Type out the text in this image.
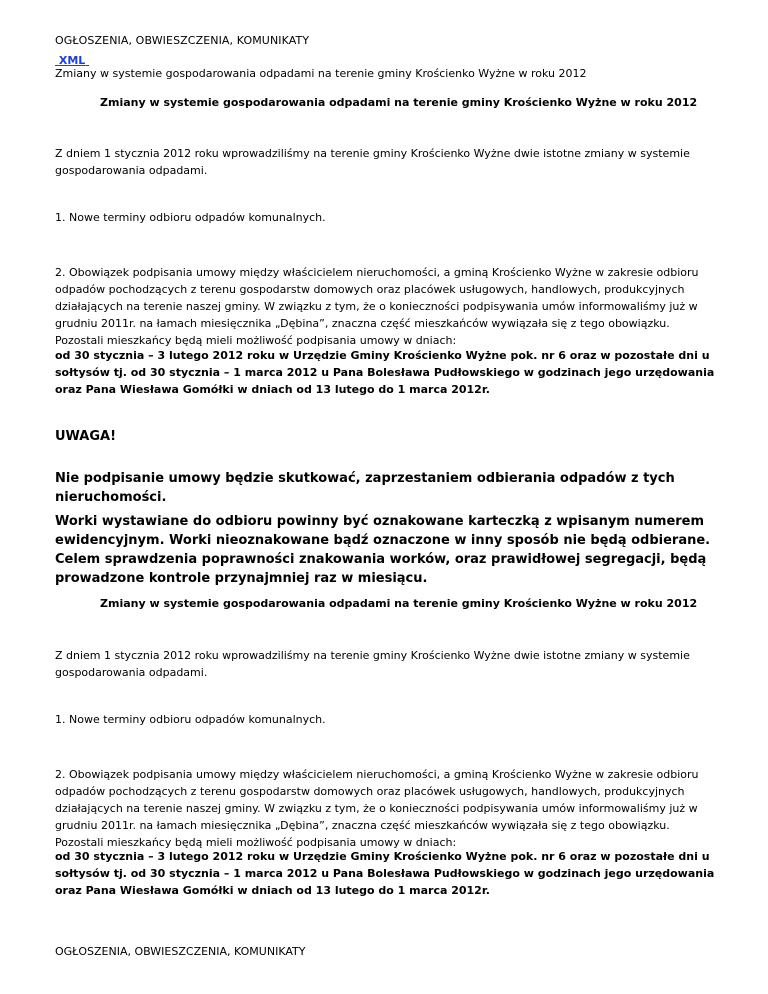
OGŁOSZENIA, OBWIESZCZENIA, KOMUNIKATY
XML
Zmiany w systemie gospodarowania odpadami na terenie gminy Krościenko Wyżne w roku 2012
Zmiany w systemie gospodarowania odpadami na terenie gminy Krościenko Wyżne w roku 2012
Z dniem 1 stycznia 2012 roku wprowadziliśmy na terenie gminy Krościenko Wyżne dwie istotne zmiany w systemie gospodarowania odpadami.
1. Nowe terminy odbioru odpadów komunalnych.
2. Obowiązek podpisania umowy między właścicielem nieruchomości, a gminą Krościenko Wyżne w zakresie odbioru odpadów pochodzących z terenu gospodarstw domowych oraz placówek usługowych, handlowych, produkcyjnych działających na terenie naszej gminy. W związku z tym, że o konieczności podpisywania umów informowaliśmy już w grudniu 2011r. na łamach miesięcznika „Dębina”, znaczna część mieszkańców wywiązała się z tego obowiązku. Pozostali mieszkańcy będą mieli możliwość podpisania umowy w dniach:
od 30 stycznia – 3 lutego 2012 roku w Urzędzie Gminy Krościenko Wyżne pok. nr 6 oraz w pozostałe dni u sołtysów tj. od 30 stycznia – 1 marca 2012 u Pana Bolesława Pudłowskiego w godzinach jego urzędowania oraz Pana Wiesława Gomółki w dniach od 13 lutego do 1 marca 2012r.
UWAGA!
Nie podpisanie umowy będzie skutkować, zaprzestaniem odbierania odpadów z tych nieruchomości.
Worki wystawiane do odbioru powinny być oznakowane karteczką z wpisanym numerem ewidencyjnym. Worki nieoznakowane bądź oznaczone w inny sposób nie będą odbierane. Celem sprawdzenia poprawności znakowania worków, oraz prawidłowej segregacji, będą prowadzone kontrole przynajmniej raz w miesiącu.
Zmiany w systemie gospodarowania odpadami na terenie gminy Krościenko Wyżne w roku 2012
Z dniem 1 stycznia 2012 roku wprowadziliśmy na terenie gminy Krościenko Wyżne dwie istotne zmiany w systemie gospodarowania odpadami.
1. Nowe terminy odbioru odpadów komunalnych.
2. Obowiązek podpisania umowy między właścicielem nieruchomości, a gminą Krościenko Wyżne w zakresie odbioru odpadów pochodzących z terenu gospodarstw domowych oraz placówek usługowych, handlowych, produkcyjnych działających na terenie naszej gminy. W związku z tym, że o konieczności podpisywania umów informowaliśmy już w grudniu 2011r. na łamach miesięcznika „Dębina”, znaczna część mieszkańców wywiązała się z tego obowiązku. Pozostali mieszkańcy będą mieli możliwość podpisania umowy w dniach:
od 30 stycznia – 3 lutego 2012 roku w Urzędzie Gminy Krościenko Wyżne pok. nr 6 oraz w pozostałe dni u sołtysów tj. od 30 stycznia – 1 marca 2012 u Pana Bolesława Pudłowskiego w godzinach jego urzędowania oraz Pana Wiesława Gomółki w dniach od 13 lutego do 1 marca 2012r.
OGŁOSZENIA, OBWIESZCZENIA, KOMUNIKATY
